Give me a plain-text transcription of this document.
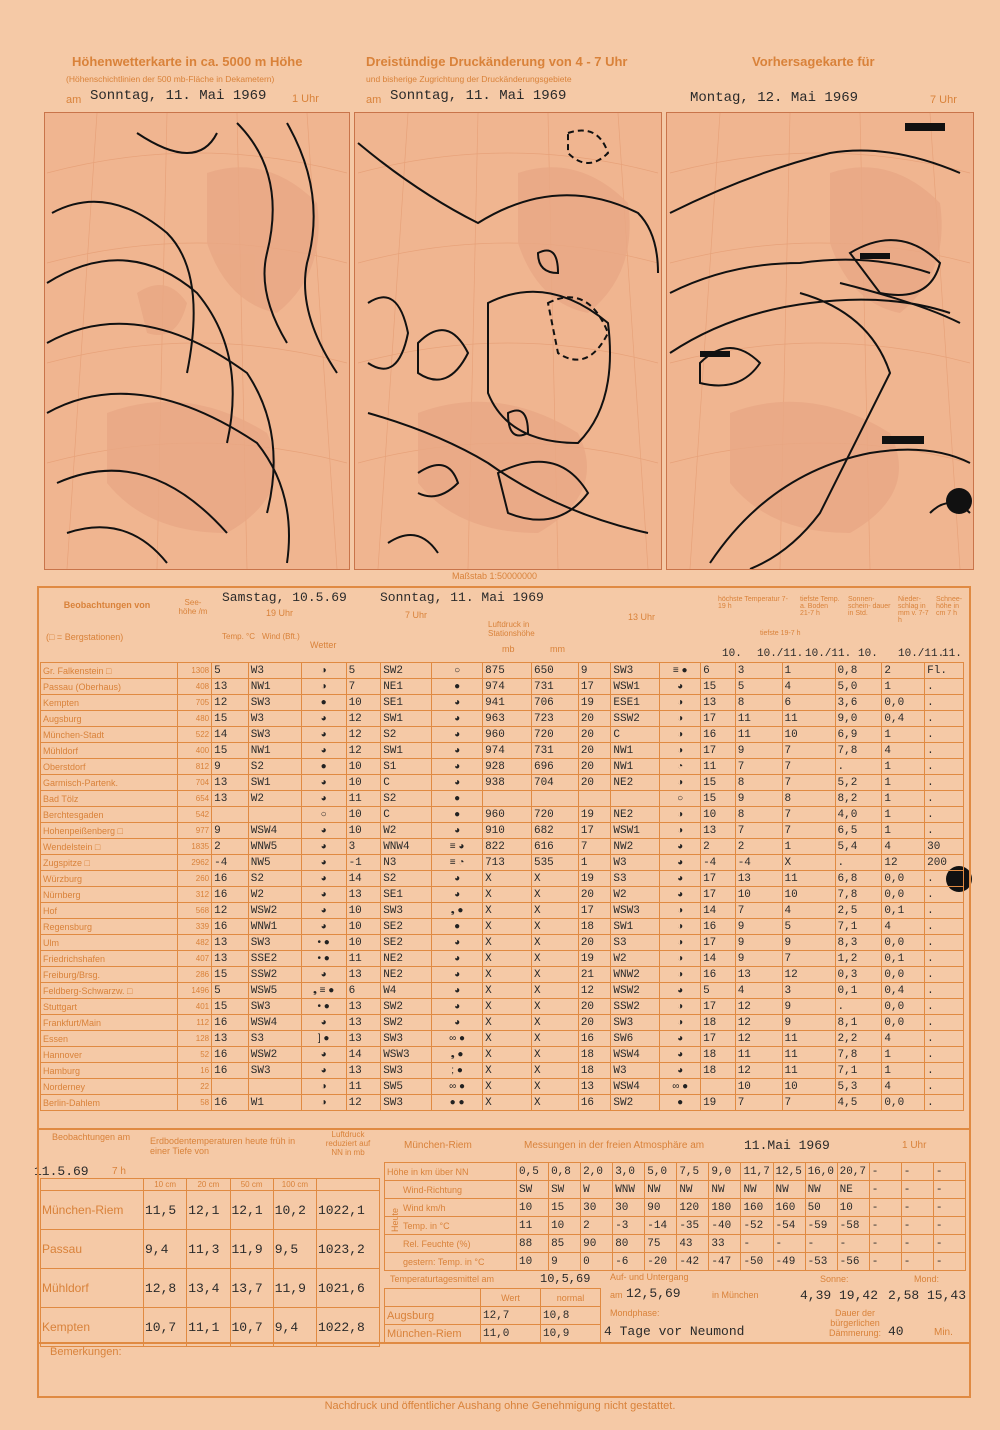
Höhenwetterkarte in ca. 5000 m Höhe
(Höhenschichtlinien der 500 mb-Fläche in Dekametern)
am Sonntag, 11. Mai 1969 1 Uhr
Dreistündige Druckänderung von 4 - 7 Uhr
und bisherige Zugrichtung der Druckänderungsgebiete
am Sonntag, 11. Mai 1969
Vorhersagekarte für
Montag, 12. Mai 1969	7 Uhr
Maßstab 1:50000000
Beobachtungen von
(□ = Bergstationen)
See- höhe /m
Samstag, 10.5.69
19 Uhr
Sonntag, 11. Mai 1969
7 Uhr	13 Uhr
Temp. °C Wind (Bft.)
Wetter
Luftdruck in Stationshöhe
mb	mm
höchste Temperatur 7-19 h
tiefste 19-7 h
tiefste Temp. a. Boden 21-7 h
Sonnen- schein- dauer in Std.
Nieder- schlag in mm v. 7-7 h
Schnee- höhe in cm 7 h
10. 10./11. 10./11. 10. 10./11.
11.
Gr. Falkenstein □	1308	5	W3	◑	5	SW2	○	875	650	9	SW3	≡ ●	6	3	1	0,8	2	Fl.
Passau (Oberhaus)	408	13	NW1	◑	7	NE1	●	974	731	17	WSW1	◕	15	5	4	5,0	1	.
Kempten	705	12	SW3	●	10	SE1	◕	941	706	19	ESE1	◑	13	8	6	3,6	0,0	.
Augsburg	480	15	W3	◕	12	SW1	◕	963	723	20	SSW2	◑	17	11	11	9,0	0,4	.
München-Stadt	522	14	SW3	◕	12	S2	◕	960	720	20	C	◑	16	11	10	6,9	1	.
Mühldorf	400	15	NW1	◕	12	SW1	◕	974	731	20	NW1	◑	17	9	7	7,8	4	.
Oberstdorf	812	9	S2	●	10	S1	◕	928	696	20	NW1	◔	11	7	7	.	1	.
Garmisch-Partenk.	704	13	SW1	◕	10	C	◕	938	704	20	NE2	◑	15	8	7	5,2	1	.
Bad Tölz	654	13	W2	◕	11	S2	●					○	15	9	8	8,2	1	.
Berchtesgaden	542			○	10	C	●	960	720	19	NE2	◑	10	8	7	4,0	1	.
Hohenpeißenberg □	977	9	WSW4	◕	10	W2	◕	910	682	17	WSW1	◑	13	7	7	6,5	1	.
Wendelstein □	1835	2	WNW5	◕	3	WNW4	≡ ◕	822	616	7	NW2	◕	2	2	1	5,4	4	30
Zugspitze □	2962	-4	NW5	◕	-1	N3	≡ ◔	713	535	1	W3	◕	-4	-4	X	.	12	200
Würzburg	260	16	S2	◕	14	S2	◕	X	X	19	S3	◕	17	13	11	6,8	0,0	.
Nürnberg	312	16	W2	◕	13	SE1	◕	X	X	20	W2	◕	17	10	10	7,8	0,0	.
Hof	568	12	WSW2	◕	10	SW3	❟ ●	X	X	17	WSW3	◑	14	7	4	2,5	0,1	.
Regensburg	339	16	WNW1	◕	10	SE2	●	X	X	18	SW1	◑	16	9	5	7,1	4	.
Ulm	482	13	SW3	• ●	10	SE2	◕	X	X	20	S3	◑	17	9	9	8,3	0,0	.
Friedrichshafen	407	13	SSE2	• ●	11	NE2	◕	X	X	19	W2	◑	14	9	7	1,2	0,1	.
Freiburg/Brsg.	286	15	SSW2	◕	13	NE2	◕	X	X	21	WNW2	◑	16	13	12	0,3	0,0	.
Feldberg-Schwarzw. □	1496	5	WSW5	❟ ≡ ●	6	W4	◕	X	X	12	WSW2	◕	5	4	3	0,1	0,4	.
Stuttgart	401	15	SW3	• ●	13	SW2	◕	X	X	20	SSW2	◑	17	12	9	.	0,0	.
Frankfurt/Main	112	16	WSW4	◕	13	SW2	◕	X	X	20	SW3	◑	18	12	9	8,1	0,0	.
Essen	128	13	S3	] ●	13	SW3	∞ ●	X	X	16	SW6	◕	17	12	11	2,2	4	.
Hannover	52	16	WSW2	◕	14	WSW3	❟ ●	X	X	18	WSW4	◕	18	11	11	7,8	1	.
Hamburg	16	16	SW3	◕	13	SW3	; ●	X	X	18	W3	◕	18	12	11	7,1	1	.
Norderney	22			◑	11	SW5	∞ ●	X	X	13	WSW4	∞ ●		10	10	5,3	4	.
Berlin-Dahlem	58	16	W1	◑	12	SW3	● ●	X	X	16	SW2	●	19	7	7	4,5	0,0	.
Beobachtungen am
11.5.69 7 h
Erdbodentemperaturen heute früh in einer Tiefe von
Luftdruck reduziert auf NN in mb
	10 cm	20 cm	50 cm	100 cm	
München-Riem	11,5	12,1	12,1	10,2	1022,1
Passau	9,4	11,3	11,9	9,5	1023,2
Mühldorf	12,8	13,4	13,7	11,9	1021,6
Kempten	10,7	11,1	10,7	9,4	1022,8
München-Riem	Messungen in der freien Atmosphäre am	11.Mai 1969	1 Uhr
Heute
Höhe in km über NN	0,5	0,8	2,0	3,0	5,0	7,5	9,0	11,7	12,5	16,0	20,7	-	-	-
Wind-Richtung	SW	SW	W	WNW	NW	NW	NW	NW	NW	NW	NE	-	-	-
Wind km/h	10	15	30	30	90	120	180	160	160	50	10	-	-	-
Temp. in °C	11	10	2	-3	-14	-35	-40	-52	-54	-59	-58	-	-	-
Rel. Feuchte (%)	88	85	90	80	75	43	33	-	-	-	-	-	-	-
gestern: Temp. in °C	10	9	0	-6	-20	-42	-47	-50	-49	-53	-56	-	-	-
Temperaturtagesmittel am	10,5,69
	Wert	normal
Augsburg	12,7	10,8
München-Riem	11,0	10,9
Auf- und Untergang
am 12,5,69	in München
Sonne:
4,39 19,42
Mond:
2,58 15,43
Mondphase:
4 Tage vor Neumond
Dauer der bürgerlichen Dämmerung: 40	Min.
Bemerkungen:
Nachdruck und öffentlicher Aushang ohne Genehmigung nicht gestattet.
